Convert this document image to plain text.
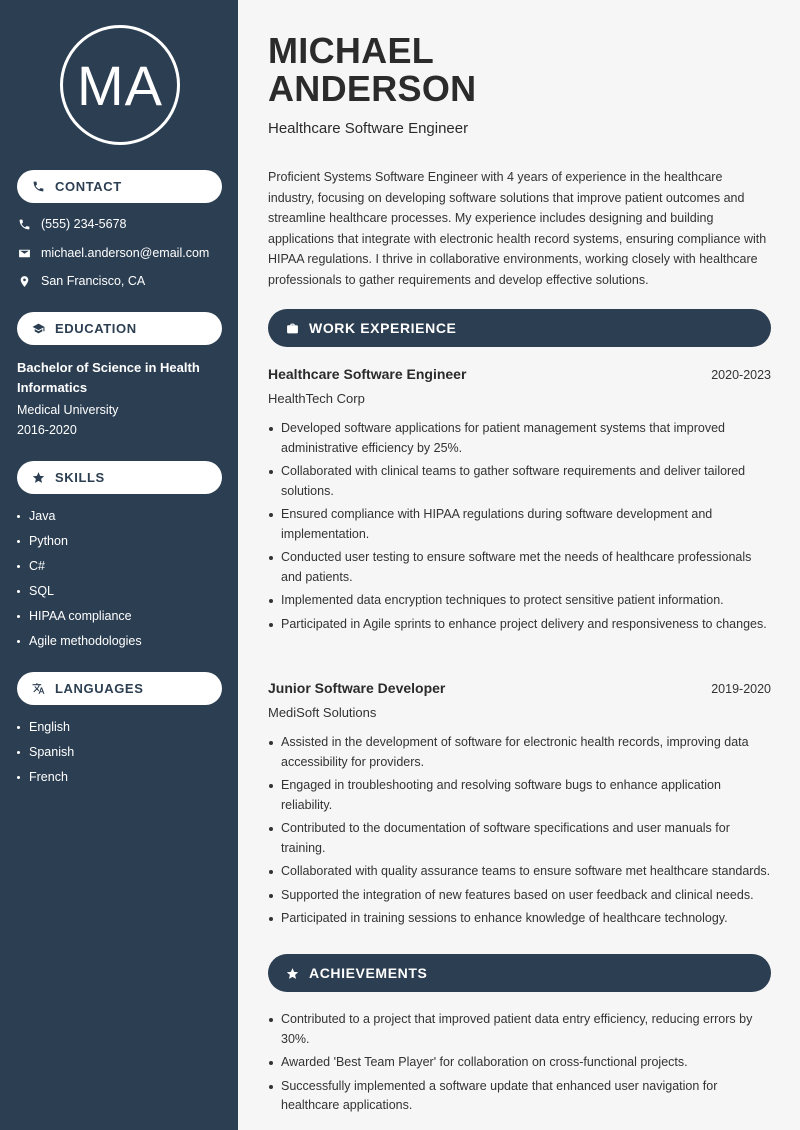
MA
CONTACT
(555) 234-5678
michael.anderson@email.com
San Francisco, CA
EDUCATION
Bachelor of Science in Health Informatics
Medical University
2016-2020
SKILLS
Java
Python
C#
SQL
HIPAA compliance
Agile methodologies
LANGUAGES
English
Spanish
French
MICHAEL
ANDERSON
Healthcare Software Engineer

Proficient Systems Software Engineer with 4 years of experience in the healthcare industry, focusing on developing software solutions that improve patient outcomes and streamline healthcare processes. My experience includes designing and building applications that integrate with electronic health record systems, ensuring compliance with HIPAA regulations. I thrive in collaborative environments, working closely with healthcare professionals to gather requirements and develop effective solutions.

WORK EXPERIENCE
Healthcare Software Engineer	2020-2023
HealthTech Corp
Developed software applications for patient management systems that improved administrative efficiency by 25%.
Collaborated with clinical teams to gather software requirements and deliver tailored solutions.
Ensured compliance with HIPAA regulations during software development and implementation.
Conducted user testing to ensure software met the needs of healthcare professionals and patients.
Implemented data encryption techniques to protect sensitive patient information.
Participated in Agile sprints to enhance project delivery and responsiveness to changes.
Junior Software Developer	2019-2020
MediSoft Solutions
Assisted in the development of software for electronic health records, improving data accessibility for providers.
Engaged in troubleshooting and resolving software bugs to enhance application reliability.
Contributed to the documentation of software specifications and user manuals for training.
Collaborated with quality assurance teams to ensure software met healthcare standards.
Supported the integration of new features based on user feedback and clinical needs.
Participated in training sessions to enhance knowledge of healthcare technology.
ACHIEVEMENTS
Contributed to a project that improved patient data entry efficiency, reducing errors by 30%.
Awarded 'Best Team Player' for collaboration on cross-functional projects.
Successfully implemented a software update that enhanced user navigation for healthcare applications.
